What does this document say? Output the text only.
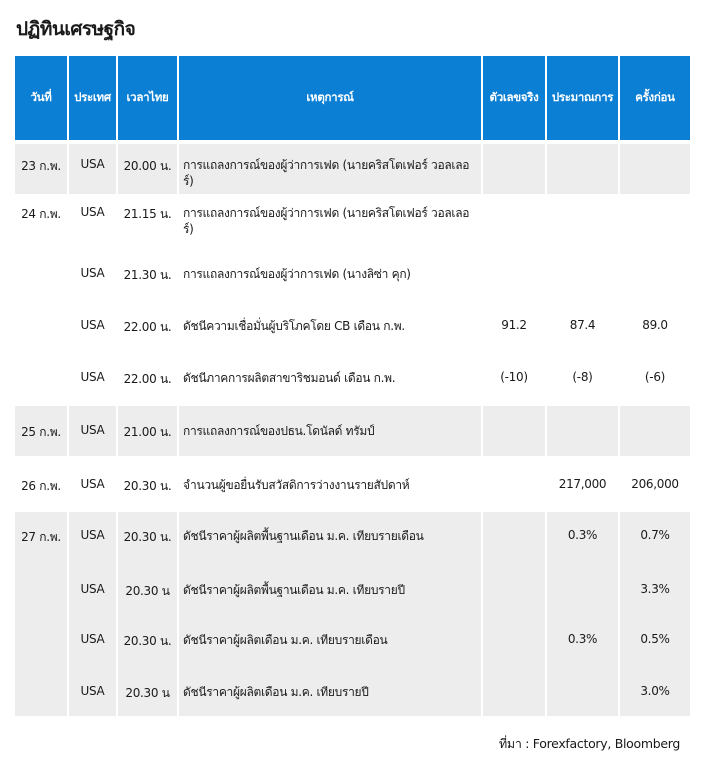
ปฏิทินเศรษฐกิจ
วันที่	ประเทศ	เวลาไทย	เหตุการณ์	ตัวเลขจริง	ประมาณการ	ครั้งก่อน

23 ก.พ.	USA	20.00 น.	การแถลงการณ์ของผู้ว่าการเฟด (นายคริสโตเฟอร์ วอลเลอร์)			
24 ก.พ.	USA	21.15 น.	การแถลงการณ์ของผู้ว่าการเฟด (นายคริสโตเฟอร์ วอลเลอร์)			
	USA	21.30 น.	การแถลงการณ์ของผู้ว่าการเฟด (นางลิซ่า คุก)			
	USA	22.00 น.	ดัชนีความเชื่อมั่นผู้บริโภคโดย CB เดือน ก.พ.	91.2	87.4	89.0
	USA	22.00 น.	ดัชนีภาคการผลิตสาขาริชมอนด์ เดือน ก.พ.	(-10)	(-8)	(-6)

25 ก.พ.	USA	21.00 น.	การแถลงการณ์ของปธน.โดนัลด์ ทรัมป์			
26 ก.พ.	USA	20.30 น.	จำนวนผู้ขอยื่นรับสวัสดิการว่างงานรายสัปดาห์		217,000	206,000

27 ก.พ.	USA	20.30 น.	ดัชนีราคาผู้ผลิตพื้นฐานเดือน ม.ค. เทียบรายเดือน		0.3%	0.7%
	USA	20.30 น	ดัชนีราคาผู้ผลิตพื้นฐานเดือน ม.ค. เทียบรายปี			3.3%
	USA	20.30 น.	ดัชนีราคาผู้ผลิตเดือน ม.ค. เทียบรายเดือน		0.3%	0.5%
	USA	20.30 น	ดัชนีราคาผู้ผลิตเดือน ม.ค. เทียบรายปี			3.0%
ที่มา : Forexfactory, Bloomberg
